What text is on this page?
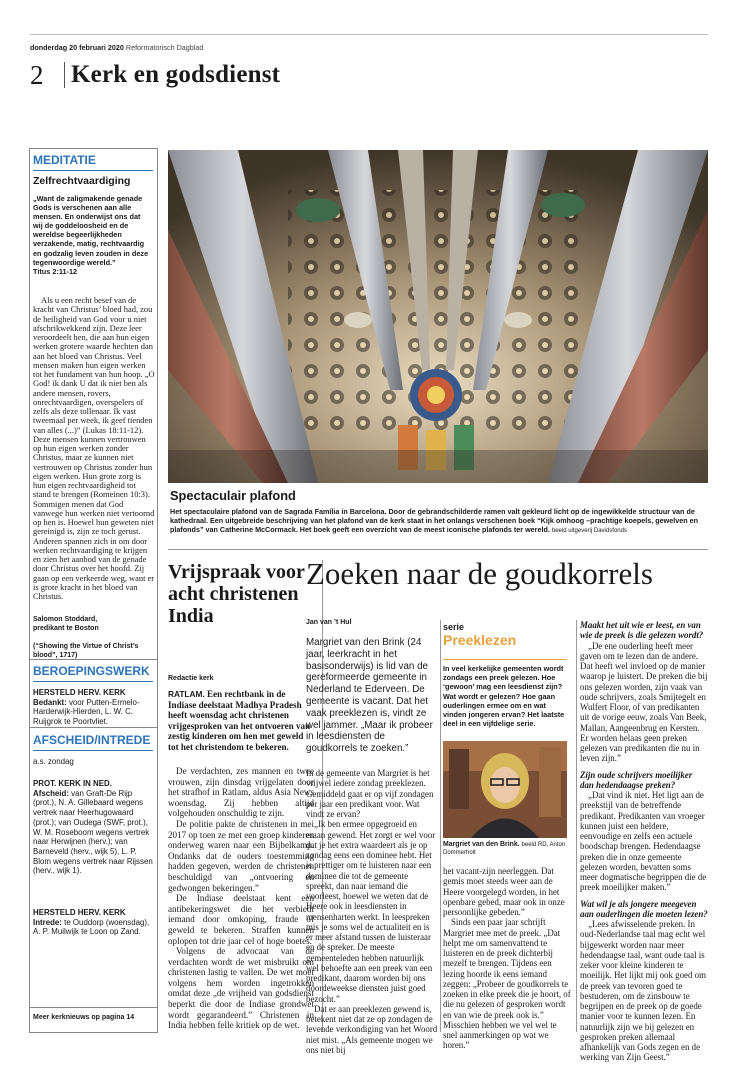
donderdag 20 februari 2020 Reformatorisch Dagblad
2 Kerk en godsdienst
MEDITATIE
Zelfrechtvaardiging
„Want de zaligmakende genade Gods is verschenen aan alle mensen. En onderwijst ons dat wij de goddeloosheid en de wereldse begeerlijkheden verzakende, matig, rechtvaardig en godzalig leven zouden in deze tegenwoordige wereld.”
Titus 2:11-12
Als u een recht besef van de kracht van Christus’ bloed had, zou de heiligheid van God voor u niet afschrikwekkend zijn. Deze leer veroordeelt hen, die aan hun eigen werken grotere waarde hechten dan aan het bloed van Christus. Veel mensen maken hun eigen werken tot het fundament van hun hoop. „O God! ik dank U dat ik niet ben als andere mensen, rovers, onrechtvaardigen, overspelers of zelfs als deze tollenaar. Ik vast tweemaal per week, ik geef tienden van alles (...)” (Lukas 18:11-12). Deze mensen kunnen vertrouwen op hun eigen werken zonder Christus, maar ze kunnen niet vertrouwen op Christus zonder hun eigen werken. Hun grote zorg is hun eigen rechtvaardigheid tot stand te brengen (Romeinen 10:3). Sommigen menen dat God vanwege hun werken niet vertoornd op hen is. Hoewel hun geweten niet gereinigd is, zijn ze toch gerust. Anderen spannen zich in om door werken rechtvaardiging te krijgen en zien het aanbod van de genade door Christus over het hoofd. Zij gaan op een verkeerde weg, want er is grote kracht in het bloed van Christus.
Salomon Stoddard,
predikant te Boston
(“Showing the Virtue of Christ’s blood”, 1717)
BEROEPINGSWERK
HERSTELD HERV. KERK
Bedankt: voor Putten-Ermelo-Harderwijk-Hierden, L. W. C. Ruijgrok te Poortvliet.
AFSCHEID/INTREDE
a.s. zondag
PROT. KERK IN NED.
Afscheid: van Graft-De Rijp (prot.), N. A. Gillebaard wegens vertrek naar Heerhugowaard (prot.); van Oudega (SWF, prot.), W. M. Roseboom wegens vertrek naar Herwijnen (herv.); van Barneveld (herv., wijk 5), L. P. Blom wegens vertrek naar Rijssen (herv., wijk 1).
HERSTELD HERV. KERK
Intrede: te Ouddorp (woensdag), A. P. Muilwijk te Loon op Zand.
Meer kerknieuws op pagina 14
Spectaculair plafond
Het spectaculaire plafond van de Sagrada Família in Barcelona. Door de gebrandschilderde ramen valt gekleurd licht op de ingewikkelde structuur van de kathedraal. Een uitgebreide beschrijving van het plafond van de kerk staat in het onlangs verschenen boek “Kijk omhoog –prachtige koepels, gewelven en plafonds” van Catherine McCormack. Het boek geeft een overzicht van de meest iconische plafonds ter wereld. beeld uitgeverij Davidsfonds
Vrijspraak voor acht christenen India
Redactie kerk
RATLAM. Een rechtbank in de Indiase deelstaat Madhya Pradesh heeft woensdag acht christenen vrijgesproken van het ontvoeren van zestig kinderen om hen met geweld tot het christendom te bekeren.

De verdachten, zes mannen en twee vrouwen, zijn dinsdag vrijgelaten door het strafhof in Ratlam, aldus Asia News woensdag. Zij hebben altijd volgehouden onschuldig te zijn.

De politie pakte de christenen in mei 2017 op toen ze met een groep kinderen onderweg waren naar een Bijbelkamp. Ondanks dat de ouders toestemming hadden gegeven, werden de christenen beschuldigd van „ontvoering en gedwongen bekeringen.”

De Indiase deelstaat kent een antibekeringswet die het verbiedt iemand door omkoping, fraude of geweld te bekeren. Straffen kunnen oplopen tot drie jaar cel of hoge boetes.

Volgens de advocaat van de verdachten wordt de wet misbruikt om christenen lastig te vallen. De wet moet volgens hem worden ingetrokken omdat deze „de vrijheid van godsdienst beperkt die door de Indiase grondwet wordt gegarandeerd.” Christenen in India hebben felle kritiek op de wet.

Zoeken naar de goudkorrels
Jan van ’t Hul
Margriet van den Brink (24 jaar, leerkracht in het basisonderwijs) is lid van de gereformeerde gemeente in Nederland te Ederveen. De gemeente is vacant. Dat het vaak preeklezen is, vindt ze wel jammer. „Maar ik probeer in leesdiensten de goudkorrels te zoeken.”

In de gemeente van Margriet is het vrijwel iedere zondag preeklezen. Gemiddeld gaat er op vijf zondagen per jaar een predikant voor. Wat vindt ze ervan?

„Ik ben ermee opgegroeid en eraan gewend. Het zorgt er wel voor dat je het extra waardeert als je op zondag eens een dominee hebt. Het is prettiger om te luisteren naar een dominee die tot de gemeente spreekt, dan naar iemand die voorleest, hoewel we weten dat de Heere ook in leesdiensten in mensenharten werkt. In leespreken mis je soms wel de actualiteit en is er meer afstand tussen de luisteraar en de spreker. De meeste gemeenteleden hebben natuurlijk wel behoefte aan een preek van een predikant, daarom worden bij ons doordeweekse diensten juist goed bezocht.”

Dat er aan preeklezen gewend is, betekent niet dat ze op zondagen de levende verkondiging van het Woord niet mist. „Als gemeente mogen we ons niet bij

serie
Preeklezen
In veel kerkelijke gemeenten wordt zondags een preek gelezen. Hoe ‘gewoon’ mag een leesdienst zijn? Wat wordt er gelezen? Hoe gaan ouderlingen ermee om en wat vinden jongeren ervan? Het laatste deel in een vijfdelige serie.
Margriet van den Brink. beeld RD, Anton Dommerholt

het vacant-zijn neerleggen. Dat gemis moet steeds weer aan de Heere voorgelegd worden, in het openbare gebed, maar ook in onze persoonlijke gebeden.”

Sinds een paar jaar schrijft Margriet mee met de preek. „Dat helpt me om samenvattend te luisteren en de preek dichterbij mezelf te brengen. Tijdens een lezing hoorde ik eens iemand zeggen: „Probeer de goudkorrels te zoeken in elke preek die je hoort, of die nu gelezen of gesproken wordt en van wie de preek ook is.” Misschien hebben we vel wel te snel aanmerkingen op wat we horen.”

Maakt het uit wie er leest, en van wie de preek is die gelezen wordt?

„De ene ouderling heeft meer gaven om te lezen dan de andere. Dat heeft wel invloed op de manier waarop je luistert. De preken die bij ons gelezen worden, zijn vaak van oude schrijvers, zoals Smijtegelt en Wulfert Floor, of van predikanten uit de vorige eeuw, zoals Van Beek, Mallan, Aangeenbrug en Kersten. Er worden helaas geen preken gelezen van predikanten die nu in leven zijn.”

Zijn oude schrijvers moeilijker dan hedendaagse preken?

„Dat vind ik niet. Het ligt aan de preekstijl van de betreffende predikant. Predikanten van vroeger kunnen juist een heldere, eenvoudige en zelfs een actuele boodschap brengen. Hedendaagse preken die in onze gemeente gelezen worden, bevatten soms meer dogmatische begrippen die de preek moeilijker maken.”

Wat wil je als jongere meegeven aan ouderlingen die moeten lezen?

„Lees afwisselende preken. In oud-Nederlandse taal mag echt wel bijgewerkt worden naar meer hedendaagse taal, want oude taal is zeker voor kleine kinderen te moeilijk. Het lijkt mij ook goed om de preek van tevoren goed te bestuderen, om de zinsbouw te begrijpen en de preek op de goede manier voor te kunnen lezen. En natuurlijk zijn we bij gelezen en gesproken preken allemaal afhankelijk van Gods zegen en de werking van Zijn Geest.”
